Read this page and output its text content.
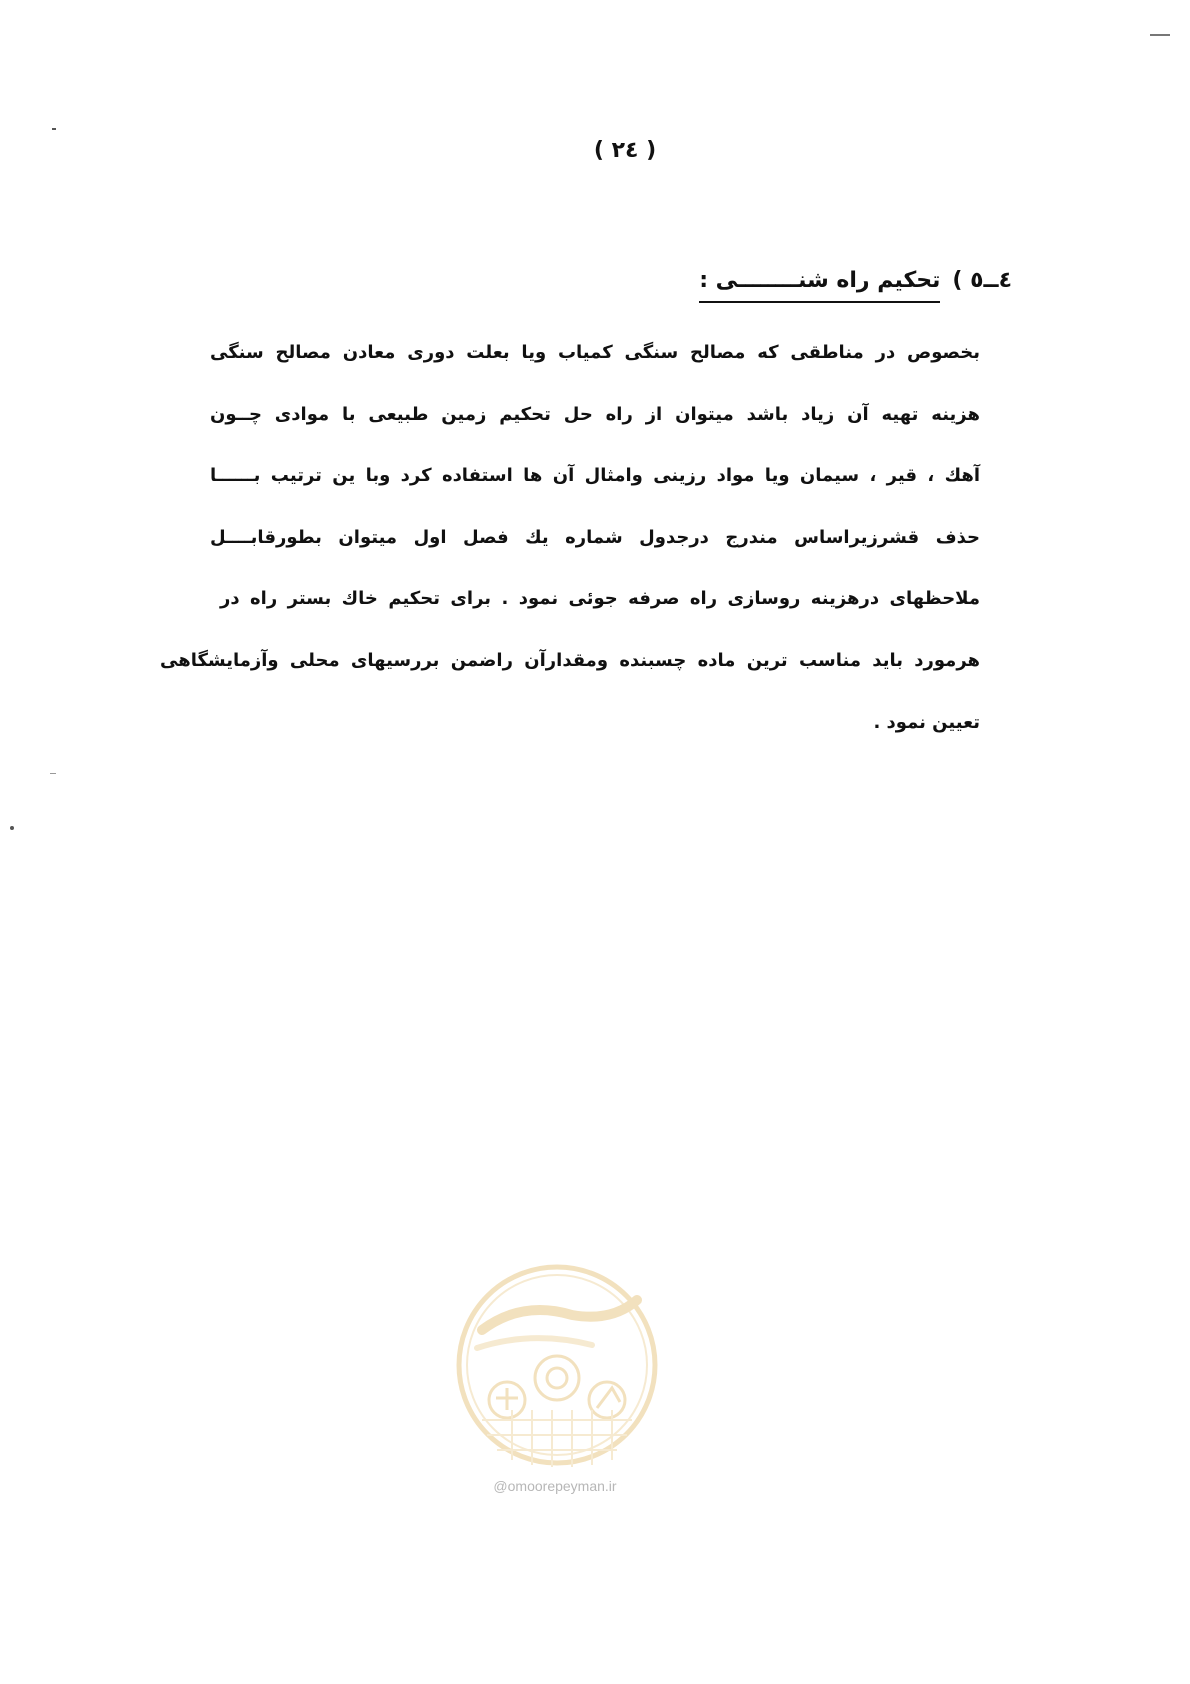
( ٢٤ )
٤ــ٥ )
تحکیم راه شنــــــــی :
بخصوص در مناطقی که مصالح سنگی کمیاب ویا بعلت دوری معادن مصالح سنگی
هزینه تهیه آن زیاد باشد میتوان از راه حل تحکیم زمین طبیعی با موادی چــون
آهك ، قیر ، سیمان ویا مواد رزینی وامثال آن ها استفاده کرد وبا ین ترتیب بــــــا
حذف قشرزیراساس مندرج درجدول شماره یك فصل اول میتوان بطورقابــــل
ملاحظهای درهزینه روسازی راه صرفه جوئی نمود . برای تحکیم خاك بستر راه در
هرمورد باید مناسب ترین ماده چسبنده ومقدارآن راضمن بررسیهای محلی وآزمایشگاهی
تعیین نمود .
@omoorepeyman.ir
